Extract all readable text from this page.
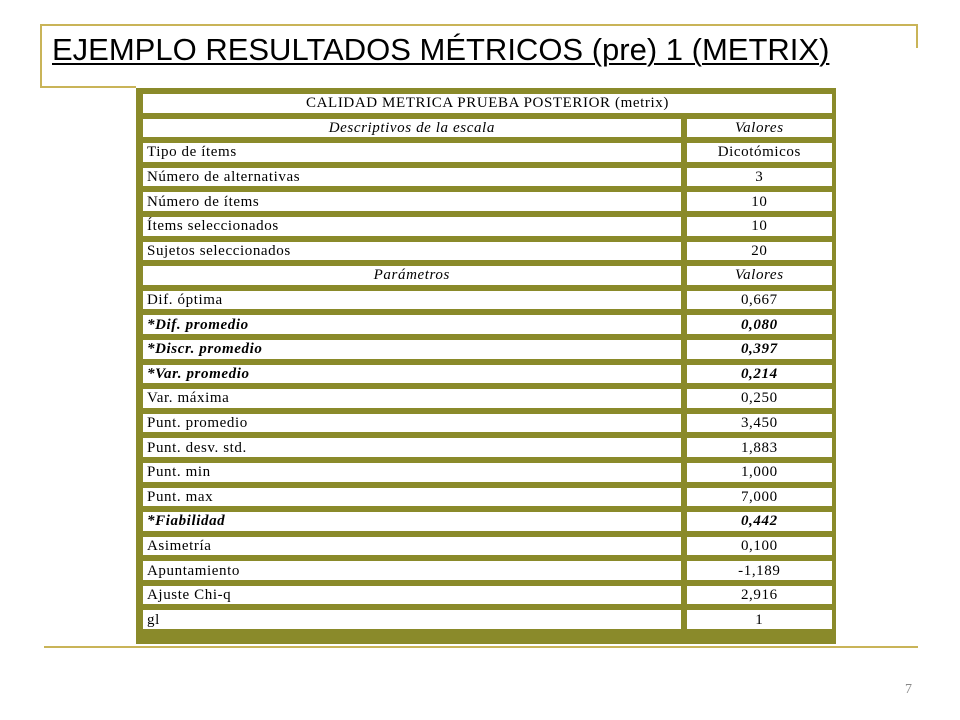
EJEMPLO RESULTADOS MÉTRICOS (pre) 1 (METRIX)
CALIDAD METRICA PRUEBA POSTERIOR (metrix)	
Descriptivos de la escala	Valores
Tipo de ítems	Dicotómicos
Número de alternativas	3
Número de ítems	10
Ítems seleccionados	10
Sujetos seleccionados	20
Parámetros	Valores
Dif. óptima	0,667
*Dif. promedio	0,080
*Discr. promedio	0,397
*Var. promedio	0,214
Var. máxima	0,250
Punt. promedio	3,450
Punt. desv. std.	1,883
Punt. min	1,000
Punt. max	7,000
*Fiabilidad	0,442
Asimetría	0,100
Apuntamiento	-1,189
Ajuste Chi-q	2,916
gl	1
7
